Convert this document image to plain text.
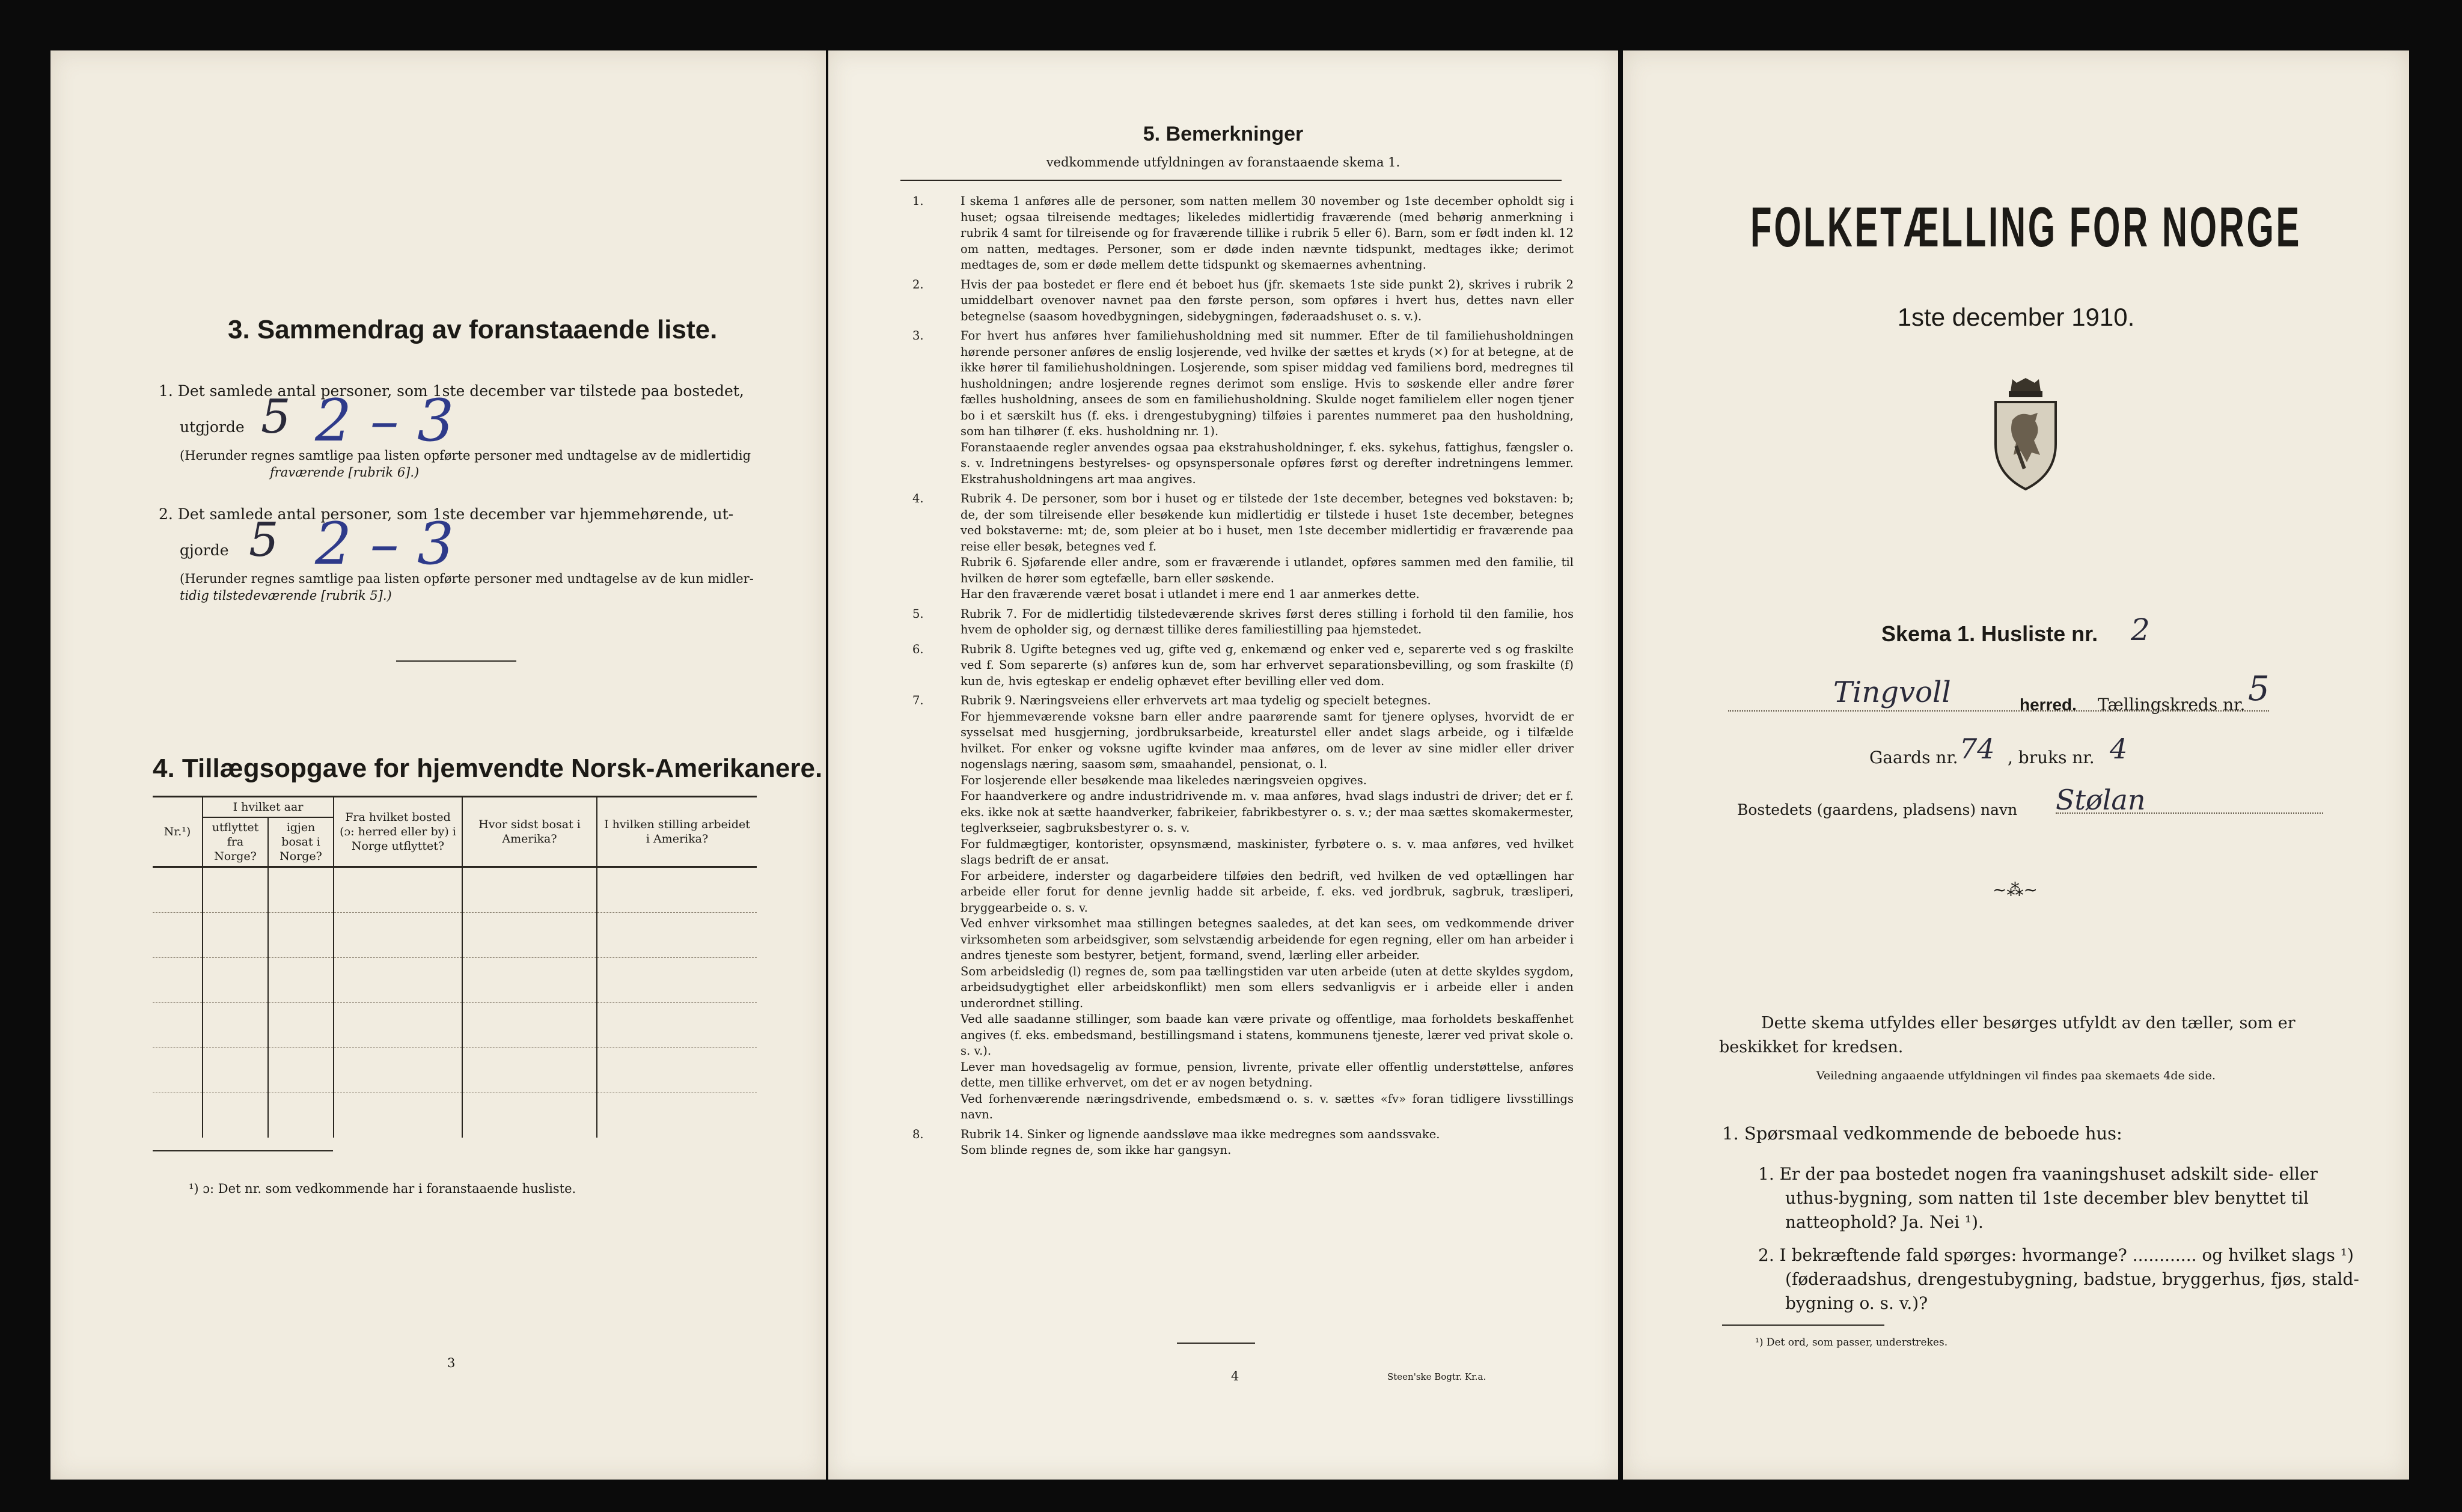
3. Sammendrag av foranstaaende liste.
1. Det samlede antal personer, som 1ste december var tilstede paa bostedet,
utgjorde 5 2 – 3
(Herunder regnes samtlige paa listen opførte personer med undtagelse av de midlertidig
fraværende [rubrik 6].)
2. Det samlede antal personer, som 1ste december var hjemmehørende, ut-
gjorde 5 2 – 3
(Herunder regnes samtlige paa listen opførte personer med undtagelse av de kun midler-
tidig tilstedeværende [rubrik 5].)
4. Tillægsopgave for hjemvendte Norsk-Amerikanere.
Nr.¹)	I hvilket aar		Fra hvilket bosted (ɔ: herred eller by) i Norge utflyttet?	Hvor sidst bosat i Amerika?	I hvilken stilling arbeidet i Amerika?
	utflyttet fra Norge?	igjen bosat i Norge?			

¹) ɔ: Det nr. som vedkommende har i foranstaaende husliste.
3
5. Bemerkninger
vedkommende utfyldningen av foranstaaende skema 1.

1.	I skema 1 anføres alle de personer, som natten mellem 30 november og 1ste december opholdt sig i huset; ogsaa tilreisende medtages; likeledes midlertidig fraværende (med behørig anmerkning i rubrik 4 samt for tilreisende og for fraværende tillike i rubrik 5 eller 6). Barn, som er født inden kl. 12 om natten, medtages. Personer, som er døde inden nævnte tidspunkt, medtages ikke; derimot medtages de, som er døde mellem dette tidspunkt og skemaernes avhentning.

2.	Hvis der paa bostedet er flere end ét beboet hus (jfr. skemaets 1ste side punkt 2), skrives i rubrik 2 umiddelbart ovenover navnet paa den første person, som opføres i hvert hus, dettes navn eller betegnelse (saasom hovedbygningen, sidebygningen, føderaadshuset o. s. v.).

3.	For hvert hus anføres hver familiehusholdning med sit nummer. Efter de til familiehusholdningen hørende personer anføres de enslig losjerende, ved hvilke der sættes et kryds (×) for at betegne, at de ikke hører til familiehusholdningen. Losjerende, som spiser middag ved familiens bord, medregnes til husholdningen; andre losjerende regnes derimot som enslige. Hvis to søskende eller andre fører fælles husholdning, ansees de som en familiehusholdning. Skulde noget familielem eller nogen tjener bo i et særskilt hus (f. eks. i drengestubygning) tilføies i parentes nummeret paa den husholdning, som han tilhører (f. eks. husholdning nr. 1).
Foranstaaende regler anvendes ogsaa paa ekstrahusholdninger, f. eks. sykehus, fattighus, fængsler o. s. v. Indretningens bestyrelses- og opsynspersonale opføres først og derefter indretningens lemmer. Ekstrahusholdningens art maa angives.

4.	Rubrik 4. De personer, som bor i huset og er tilstede der 1ste december, betegnes ved bokstaven: b; de, der som tilreisende eller besøkende kun midlertidig er tilstede i huset 1ste december, betegnes ved bokstaverne: mt; de, som pleier at bo i huset, men 1ste december midlertidig er fraværende paa reise eller besøk, betegnes ved f.
Rubrik 6. Sjøfarende eller andre, som er fraværende i utlandet, opføres sammen med den familie, til hvilken de hører som egtefælle, barn eller søskende.
Har den fraværende været bosat i utlandet i mere end 1 aar anmerkes dette.

5.	Rubrik 7. For de midlertidig tilstedeværende skrives først deres stilling i forhold til den familie, hos hvem de opholder sig, og dernæst tillike deres familiestilling paa hjemstedet.

6.	Rubrik 8. Ugifte betegnes ved ug, gifte ved g, enkemænd og enker ved e, separerte ved s og fraskilte ved f. Som separerte (s) anføres kun de, som har erhvervet separationsbevilling, og som fraskilte (f) kun de, hvis egteskap er endelig ophævet efter bevilling eller ved dom.

7.	Rubrik 9. Næringsveiens eller erhvervets art maa tydelig og specielt betegnes.
For hjemmeværende voksne barn eller andre paarørende samt for tjenere oplyses, hvorvidt de er sysselsat med husgjerning, jordbruksarbeide, kreaturstel eller andet slags arbeide, og i tilfælde hvilket. For enker og voksne ugifte kvinder maa anføres, om de lever av sine midler eller driver nogenslags næring, saasom søm, smaahandel, pensionat, o. l.
For losjerende eller besøkende maa likeledes næringsveien opgives.
For haandverkere og andre industridrivende m. v. maa anføres, hvad slags industri de driver; det er f. eks. ikke nok at sætte haandverker, fabrikeier, fabrikbestyrer o. s. v.; der maa sættes skomakermester, teglverkseier, sagbruksbestyrer o. s. v.
For fuldmægtiger, kontorister, opsynsmænd, maskinister, fyrbøtere o. s. v. maa anføres, ved hvilket slags bedrift de er ansat.
For arbeidere, inderster og dagarbeidere tilføies den bedrift, ved hvilken de ved optællingen har arbeide eller forut for denne jevnlig hadde sit arbeide, f. eks. ved jordbruk, sagbruk, træsliperi, bryggearbeide o. s. v.
Ved enhver virksomhet maa stillingen betegnes saaledes, at det kan sees, om vedkommende driver virksomheten som arbeidsgiver, som selvstændig arbeidende for egen regning, eller om han arbeider i andres tjeneste som bestyrer, betjent, formand, svend, lærling eller arbeider.
Som arbeidsledig (l) regnes de, som paa tællingstiden var uten arbeide (uten at dette skyldes sygdom, arbeidsudygtighet eller arbeidskonflikt) men som ellers sedvanligvis er i arbeide eller i anden underordnet stilling.
Ved alle saadanne stillinger, som baade kan være private og offentlige, maa forholdets beskaffenhet angives (f. eks. embedsmand, bestillingsmand i statens, kommunens tjeneste, lærer ved privat skole o. s. v.).
Lever man hovedsagelig av formue, pension, livrente, private eller offentlig understøttelse, anføres dette, men tillike erhvervet, om det er av nogen betydning.
Ved forhenværende næringsdrivende, embedsmænd o. s. v. sættes «fv» foran tidligere livsstillings navn.

8.	Rubrik 14. Sinker og lignende aandssløve maa ikke medregnes som aandssvake.
Som blinde regnes de, som ikke har gangsyn.

4	Steen'ske Bogtr. Kr.a.
FOLKETÆLLING FOR NORGE
1ste december 1910.
Skema 1. Husliste nr. 2
Tingvoll	herred. Tællingskreds nr. 5
Gaards nr. 74 , bruks nr. 4
Bostedets (gaardens, pladsens) navn Stølan
~⁂~
Dette skema utfyldes eller besørges utfyldt av den tæller, som er
beskikket for kredsen.
Veiledning angaaende utfyldningen vil findes paa skemaets 4de side.
1. Spørsmaal vedkommende de beboede hus:
1. Er der paa bostedet nogen fra vaaningshuset adskilt side- eller
uthus-bygning, som natten til 1ste december blev benyttet til
natteophold? Ja. Nei ¹).
2. I bekræftende fald spørges: hvormange? ............ og hvilket slags ¹)
(føderaadshus, drengestubygning, badstue, bryggerhus, fjøs, stald-
bygning o. s. v.)?
¹) Det ord, som passer, understrekes.
